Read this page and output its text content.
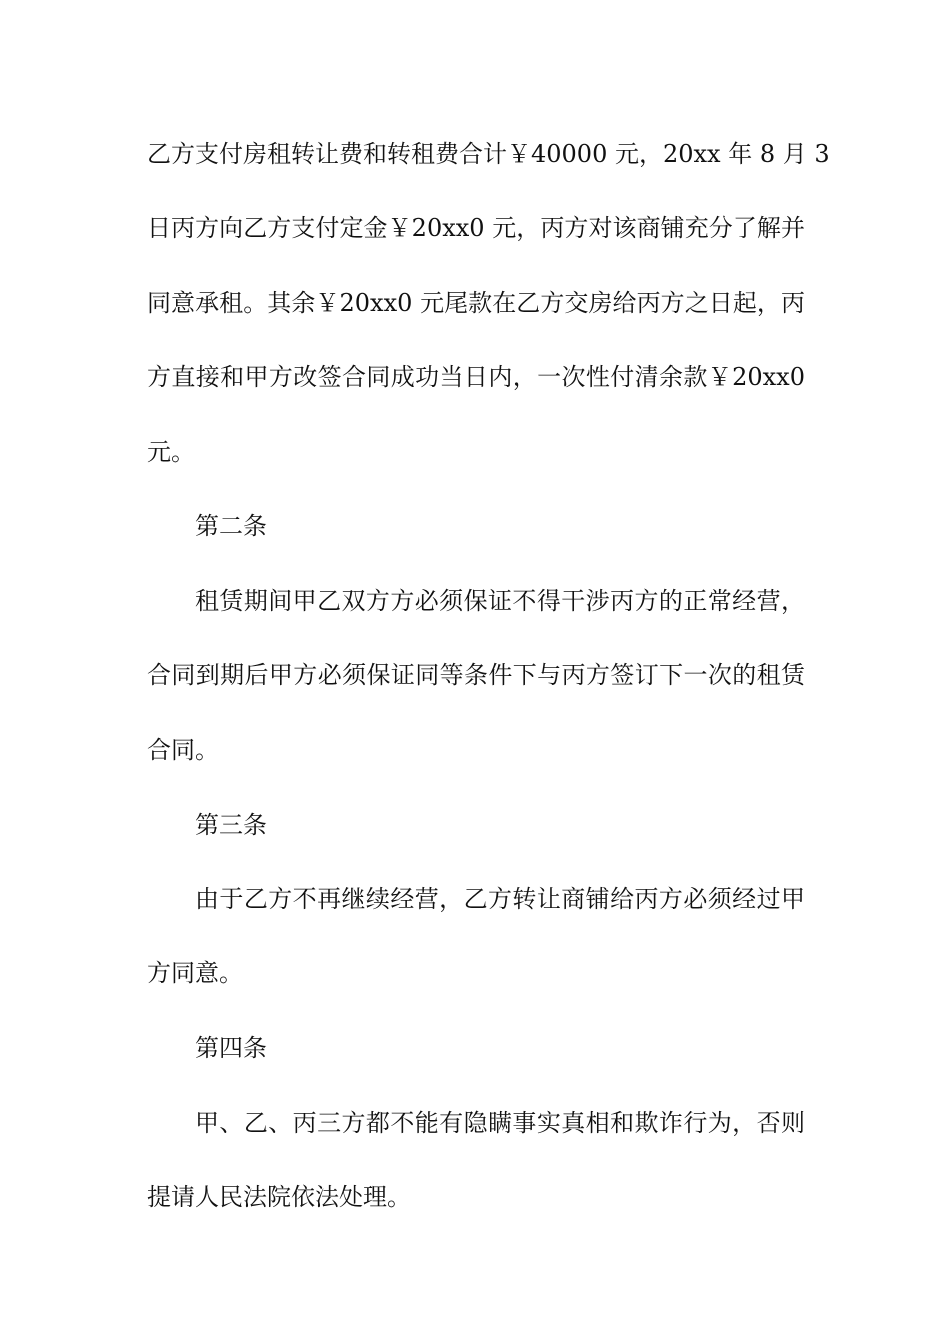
乙方支付房租转让费和转租费合计￥40000 元，20xx 年 8 月 3
日丙方向乙方支付定金￥20xx0 元，丙方对该商铺充分了解并
同意承租。其余￥20xx0 元尾款在乙方交房给丙方之日起，丙
方直接和甲方改签合同成功当日内，一次性付清余款￥20xx0
元。
第二条
租赁期间甲乙双方方必须保证不得干涉丙方的正常经营，
合同到期后甲方必须保证同等条件下与丙方签订下一次的租赁
合同。
第三条
由于乙方不再继续经营，乙方转让商铺给丙方必须经过甲
方同意。
第四条
甲、乙、丙三方都不能有隐瞒事实真相和欺诈行为，否则
提请人民法院依法处理。
